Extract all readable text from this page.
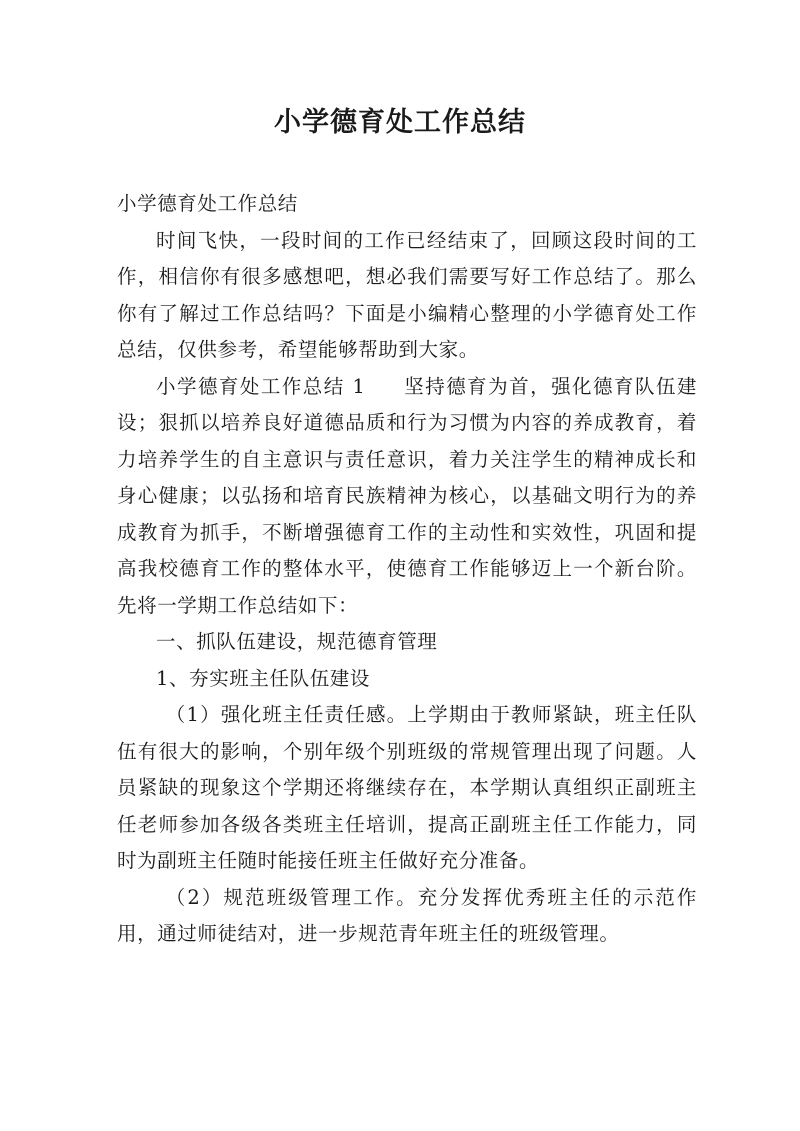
小学德育处工作总结

小学德育处工作总结

时间飞快，一段时间的工作已经结束了，回顾这段时间的工作，相信你有很多感想吧，想必我们需要写好工作总结了。那么你有了解过工作总结吗？下面是小编精心整理的小学德育处工作总结，仅供参考，希望能够帮助到大家。

小学德育处工作总结 1 坚持德育为首，强化德育队伍建设；狠抓以培养良好道德品质和行为习惯为内容的养成教育，着力培养学生的自主意识与责任意识，着力关注学生的精神成长和身心健康；以弘扬和培育民族精神为核心，以基础文明行为的养成教育为抓手，不断增强德育工作的主动性和实效性，巩固和提高我校德育工作的整体水平，使德育工作能够迈上一个新台阶。先将一学期工作总结如下：

一、抓队伍建设，规范德育管理

1、夯实班主任队伍建设

（1）强化班主任责任感。上学期由于教师紧缺，班主任队伍有很大的影响，个别年级个别班级的常规管理出现了问题。人员紧缺的现象这个学期还将继续存在，本学期认真组织正副班主任老师参加各级各类班主任培训，提高正副班主任工作能力，同时为副班主任随时能接任班主任做好充分准备。

（2）规范班级管理工作。充分发挥优秀班主任的示范作用，通过师徒结对，进一步规范青年班主任的班级管理。
